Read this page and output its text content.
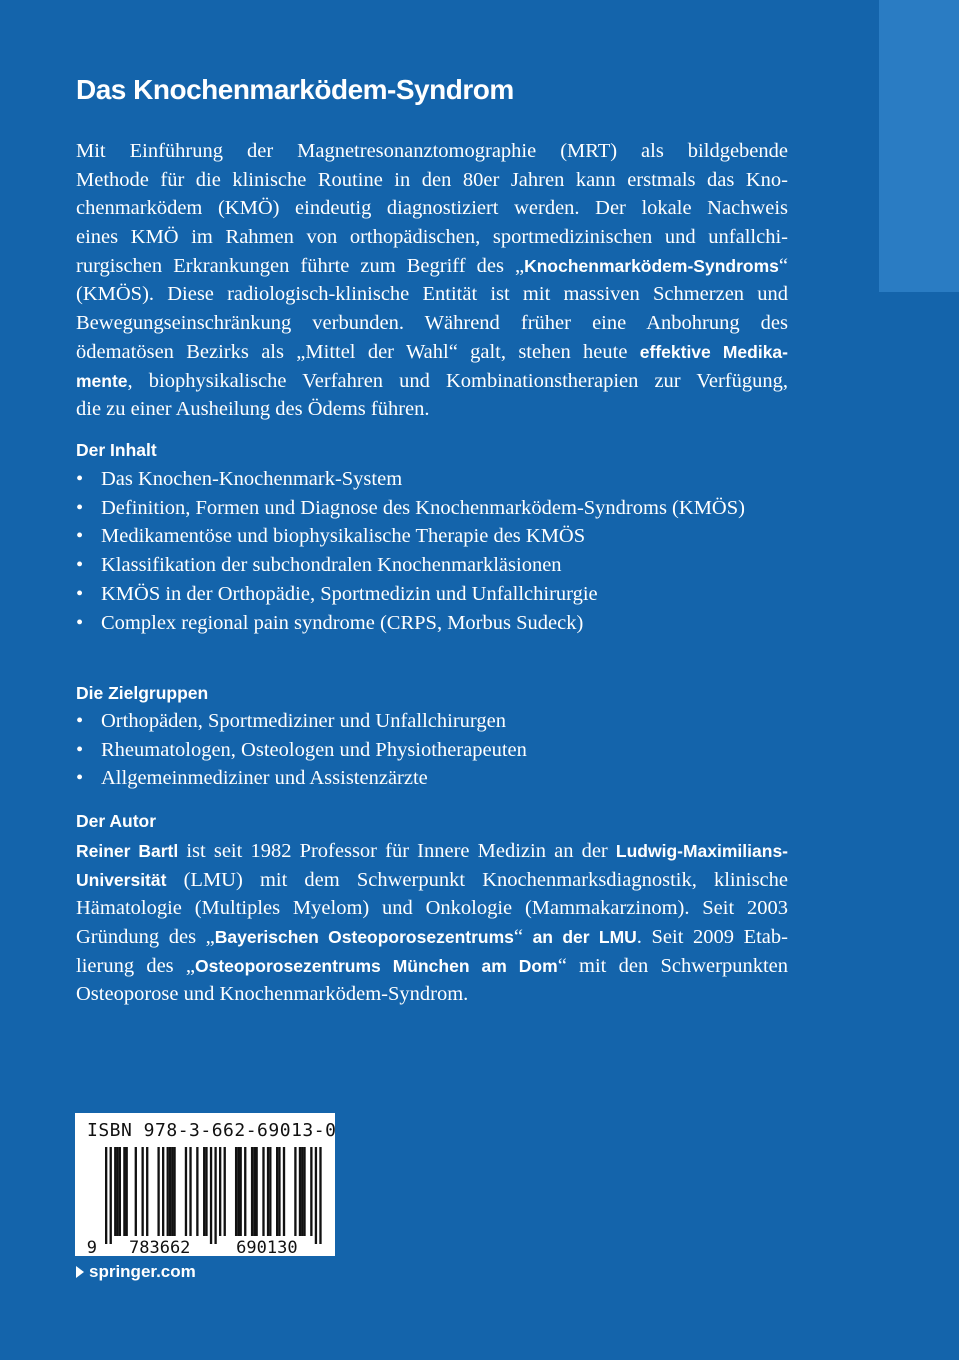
Das Knochenmarködem-Syndrom
Mit Einführung der Magnetresonanztomographie (MRT) als bildgebende
Methode für die klinische Routine in den 80er Jahren kann erstmals das Kno-
chenmarködem (KMÖ) eindeutig diagnostiziert werden. Der lokale Nachweis
eines KMÖ im Rahmen von orthopädischen, sportmedizinischen und unfallchi-
rurgischen Erkrankungen führte zum Begriff des „Knochenmarködem-Syndroms“
(KMÖS). Diese radiologisch-klinische Entität ist mit massiven Schmerzen und
Bewegungseinschränkung verbunden. Während früher eine Anbohrung des
ödematösen Bezirks als „Mittel der Wahl“ galt, stehen heute effektive Medika-
mente, biophysikalische Verfahren und Kombinationstherapien zur Verfügung,
die zu einer Ausheilung des Ödems führen.
Der Inhalt
• Das Knochen-Knochenmark-System
• Definition, Formen und Diagnose des Knochenmarködem-Syndroms (KMÖS)
• Medikamentöse und biophysikalische Therapie des KMÖS
• Klassifikation der subchondralen Knochenmarkläsionen
• KMÖS in der Orthopädie, Sportmedizin und Unfallchirurgie
• Complex regional pain syndrome (CRPS, Morbus Sudeck)
Die Zielgruppen
• Orthopäden, Sportmediziner und Unfallchirurgen
• Rheumatologen, Osteologen und Physiotherapeuten
• Allgemeinmediziner und Assistenzärzte
Der Autor
Reiner Bartl ist seit 1982 Professor für Innere Medizin an der Ludwig-Maximilians-
Universität (LMU) mit dem Schwerpunkt Knochenmarksdiagnostik, klinische
Hämatologie (Multiples Myelom) und Onkologie (Mammakarzinom). Seit 2003
Gründung des „Bayerischen Osteoporosezentrums“ an der LMU. Seit 2009 Etab-
lierung des „Osteoporosezentrums München am Dom“ mit den Schwerpunkten
Osteoporose und Knochenmarködem-Syndrom.
ISBN 978-3-662-69013-0
9 783662	690130
springer.com
